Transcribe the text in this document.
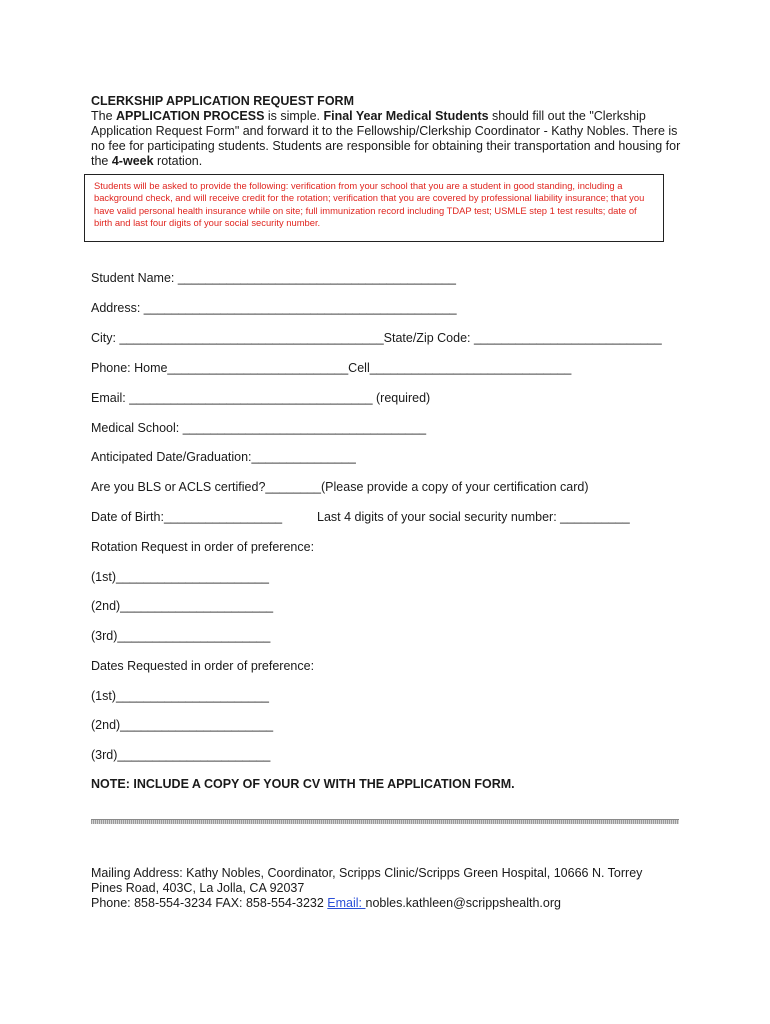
CLERKSHIP APPLICATION REQUEST FORM
The APPLICATION PROCESS is simple. Final Year Medical Students should fill out the "Clerkship Application Request Form" and forward it to the Fellowship/Clerkship Coordinator - Kathy Nobles. There is no fee for participating students. Students are responsible for obtaining their transportation and housing for the 4-week rotation.
Students will be asked to provide the following: verification from your school that you are a student in good standing, including a background check, and will receive credit for the rotation; verification that you are covered by professional liability insurance; that you have valid personal health insurance while on site; full immunization record including TDAP test; USMLE step 1 test results; date of birth and last four digits of your social security number.
Student Name: ________________________________________
Address: _____________________________________________
City: ______________________________________State/Zip Code: ___________________________
Phone: Home__________________________Cell_____________________________
Email: ___________________________________ (required)
Medical School: ___________________________________
Anticipated Date/Graduation:_______________
Are you BLS or ACLS certified?________(Please provide a copy of your certification card)
Date of Birth:_________________	Last 4 digits of your social security number: __________
Rotation Request in order of preference:
(1st)______________________
(2nd)______________________
(3rd)______________________
Dates Requested in order of preference:
(1st)______________________
(2nd)______________________
(3rd)______________________
NOTE: INCLUDE A COPY OF YOUR CV WITH THE APPLICATION FORM.
Mailing Address: Kathy Nobles, Coordinator, Scripps Clinic/Scripps Green Hospital, 10666 N. Torrey Pines Road, 403C, La Jolla, CA 92037
Phone: 858-554-3234 FAX: 858-554-3232 Email: nobles.kathleen@scrippshealth.org
